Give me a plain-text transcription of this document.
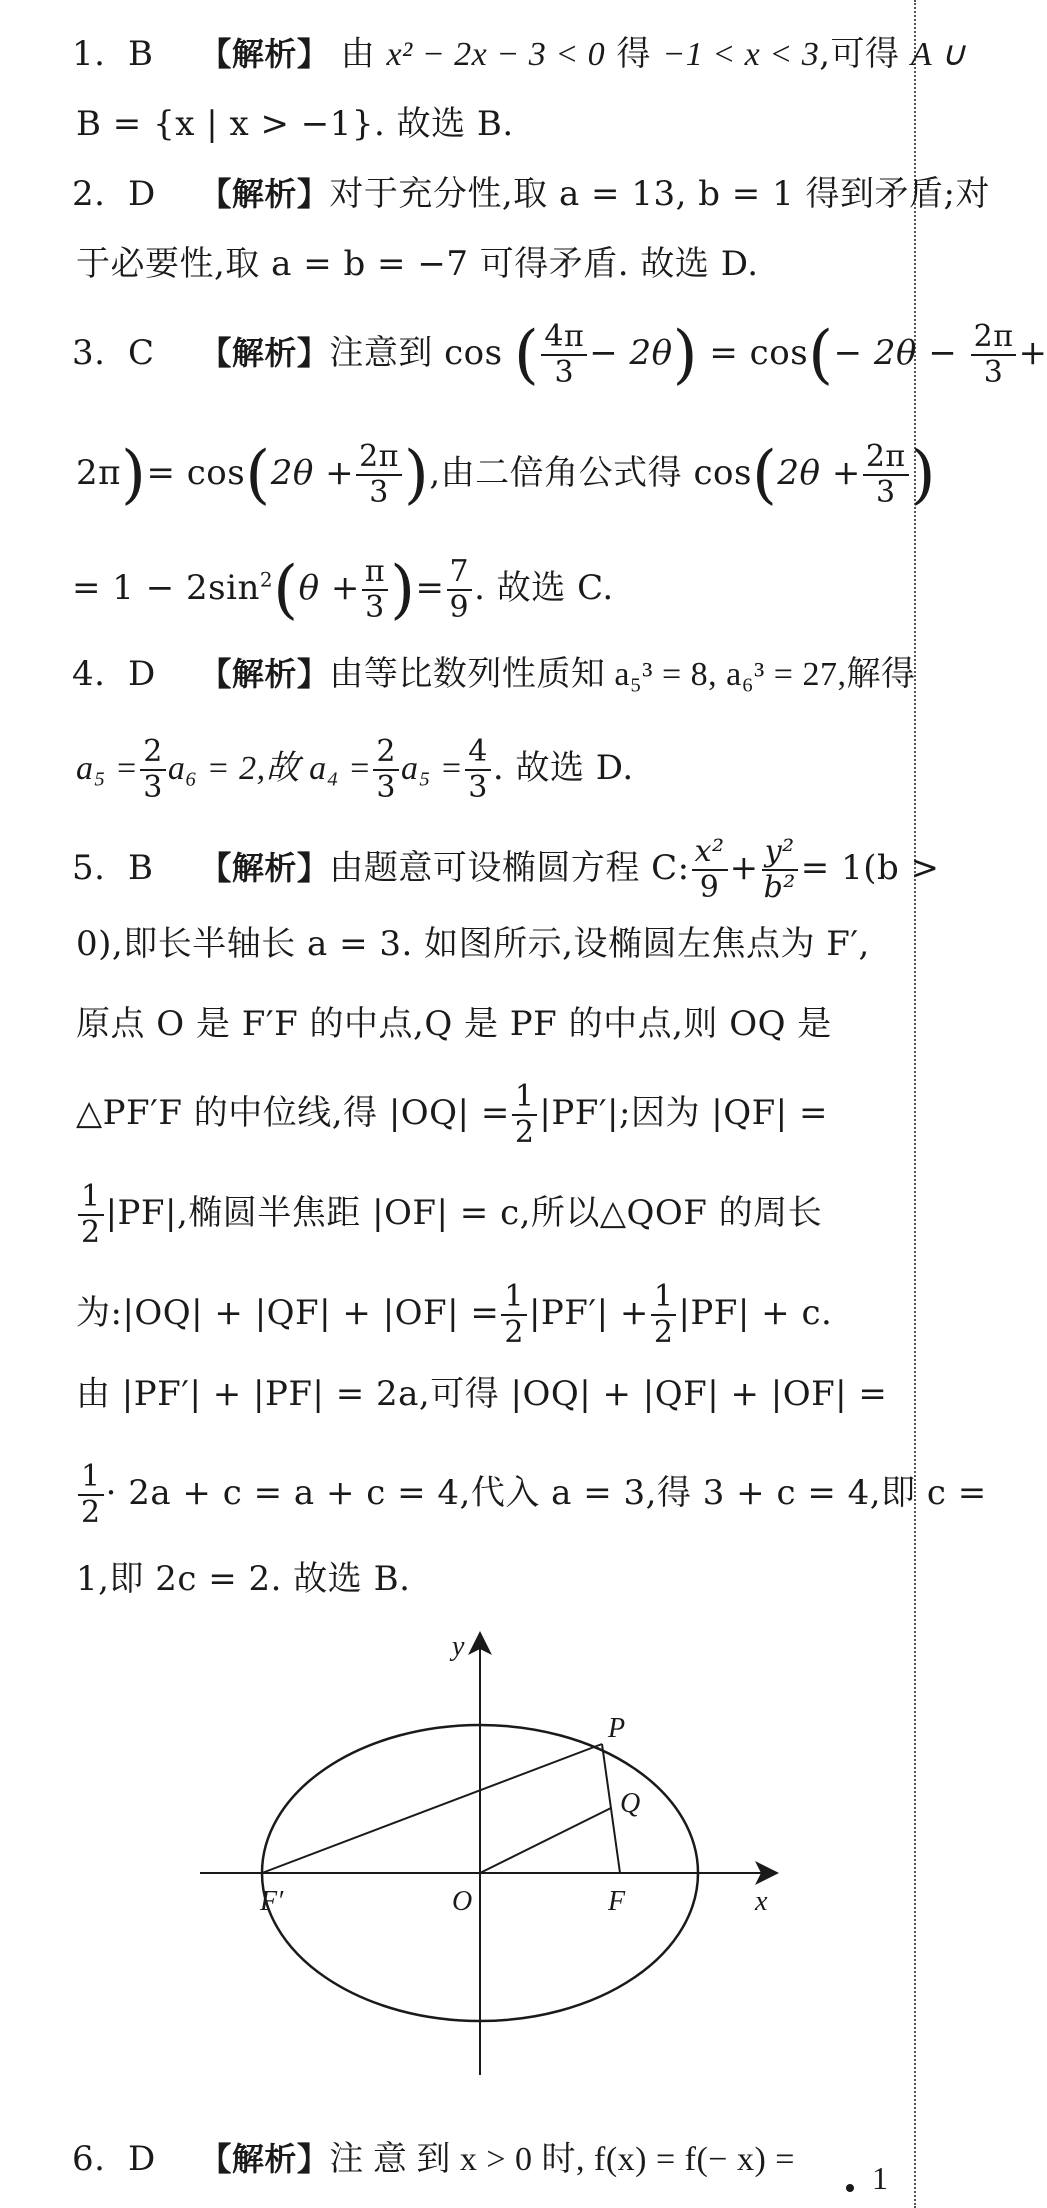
1. B 【解析】 由 x² − 2x − 3 < 0 得 −1 < x < 3,可得 A ∪
B = {x | x > −1}. 故选 B.
2. D 【解析】对于充分性,取 a = 13, b = 1 得到矛盾;对
于必要性,取 a = b = −7 可得矛盾. 故选 D.
3. C 【解析】注意到 cos ( $\frac{4\pi}{3} - 2\theta) = \cos(- 2\theta - \frac{2\pi}{3}$ +
$2\pi)= \cos(2\theta + \frac{2\pi}{3}$ ),由二倍角公式得 $\cos(2\theta + \frac{2\pi}{3}$ )
= $1 - 2\sin^2(\theta + \frac{\pi}{3}$ )= $\frac{7}{9}$ . 故选 C.
4. D 【解析】由等比数列性质知 a₅³ = 8, a₆³ = 27,解得
$a_5 = \frac{2}{3} a_6 = 2$,故 $a_4 = \frac{2}{3} a_5 = \frac{4}{3}$ . 故选 D.
5. B 【解析】由题意可设椭圆方程 C: $\frac{\text{x²}}{9} + \frac{\text{y²}}{\text{b²}} = 1(b$ >
0),即长半轴长 a = 3. 如图所示,设椭圆左焦点为 F′,
原点 O 是 F′F 的中点,Q 是 PF 的中点,则 OQ 是
△PF′F 的中位线,得 $|OQ| = \frac{1}{2} |PF'|$;因为 |QF| =
$\frac{1}{2} |PF|$,椭圆半焦距 |OF| = c,所以△QOF 的周长
为:|OQ| + $|QF| + |OF| = \frac{1}{2} |PF'| + \frac{1}{2} |PF| + c$.
由 |PF′| + |PF| = 2a,可得 |OQ| + |QF| + |OF| =
$\frac{1}{2} \cdot 2a + c = a + c = 4$,代入 a = 3,得 3 + c = 4,即 c =
1,即 2c = 2. 故选 B.
y
x
P
Q
F
F′	O
6. D 【解析】注 意 到 x > 0 时, f(x) = f(− x) =	1
